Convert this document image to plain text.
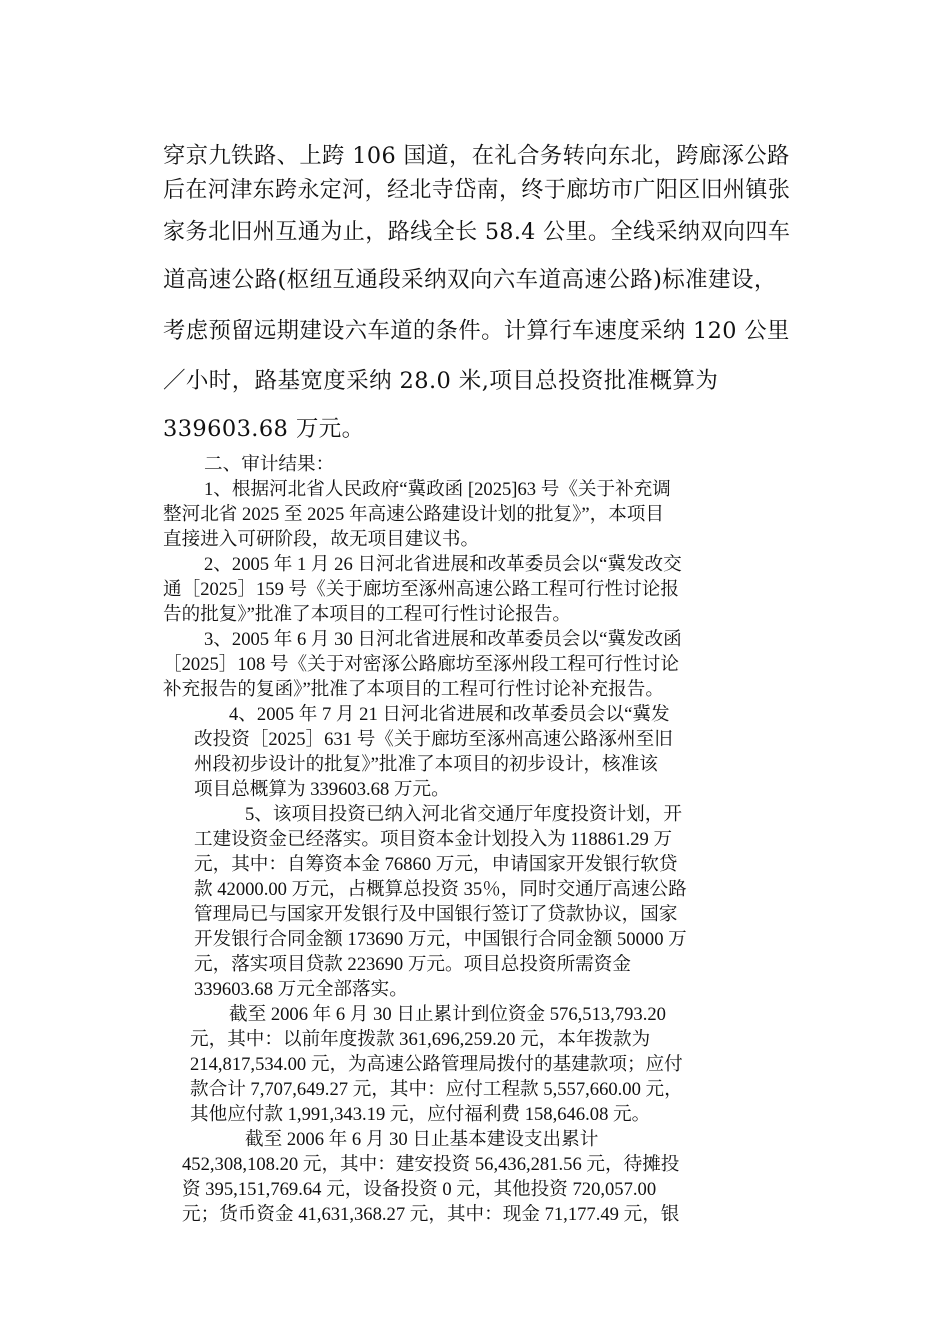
穿京九铁路、上跨 106 国道，在礼合务转向东北，跨廊涿公路
后在河津东跨永定河，经北寺岱南，终于廊坊市广阳区旧州镇张
家务北旧州互通为止，路线全长 58.4 公里。全线采纳双向四车
道高速公路(枢纽互通段采纳双向六车道高速公路)标准建设，
考虑预留远期建设六车道的条件。计算行车速度采纳 120 公里
／小时，路基宽度采纳 28.0 米,项目总投资批准概算为
339603.68 万元。
二、审计结果：
1、根据河北省人民政府“冀政函 [2025]63 号《关于补充调
整河北省 2025 至 2025 年高速公路建设计划的批复》”，本项目
直接进入可研阶段，故无项目建议书。
2、2005 年 1 月 26 日河北省进展和改革委员会以“冀发改交
通［2025］159 号《关于廊坊至涿州高速公路工程可行性讨论报
告的批复》”批准了本项目的工程可行性讨论报告。
3、2005 年 6 月 30 日河北省进展和改革委员会以“冀发改函
［2025］108 号《关于对密涿公路廊坊至涿州段工程可行性讨论
补充报告的复函》”批准了本项目的工程可行性讨论补充报告。
4、2005 年 7 月 21 日河北省进展和改革委员会以“冀发
改投资［2025］631 号《关于廊坊至涿州高速公路涿州至旧
州段初步设计的批复》”批准了本项目的初步设计，核准该
项目总概算为 339603.68 万元。
5、该项目投资已纳入河北省交通厅年度投资计划，开
工建设资金已经落实。项目资本金计划投入为 118861.29 万
元，其中：自筹资本金 76860 万元，申请国家开发银行软贷
款 42000.00 万元，占概算总投资 35％，同时交通厅高速公路
管理局已与国家开发银行及中国银行签订了贷款协议，国家
开发银行合同金额 173690 万元，中国银行合同金额 50000 万
元，落实项目贷款 223690 万元。项目总投资所需资金
339603.68 万元全部落实。
截至 2006 年 6 月 30 日止累计到位资金 576,513,793.20
元，其中：以前年度拨款 361,696,259.20 元，本年拨款为
214,817,534.00 元，为高速公路管理局拨付的基建款项；应付
款合计 7,707,649.27 元，其中：应付工程款 5,557,660.00 元，
其他应付款 1,991,343.19 元，应付福利费 158,646.08 元。
截至 2006 年 6 月 30 日止基本建设支出累计
452,308,108.20 元，其中：建安投资 56,436,281.56 元，待摊投
资 395,151,769.64 元，设备投资 0 元，其他投资 720,057.00
元；货币资金 41,631,368.27 元，其中：现金 71,177.49 元，银
